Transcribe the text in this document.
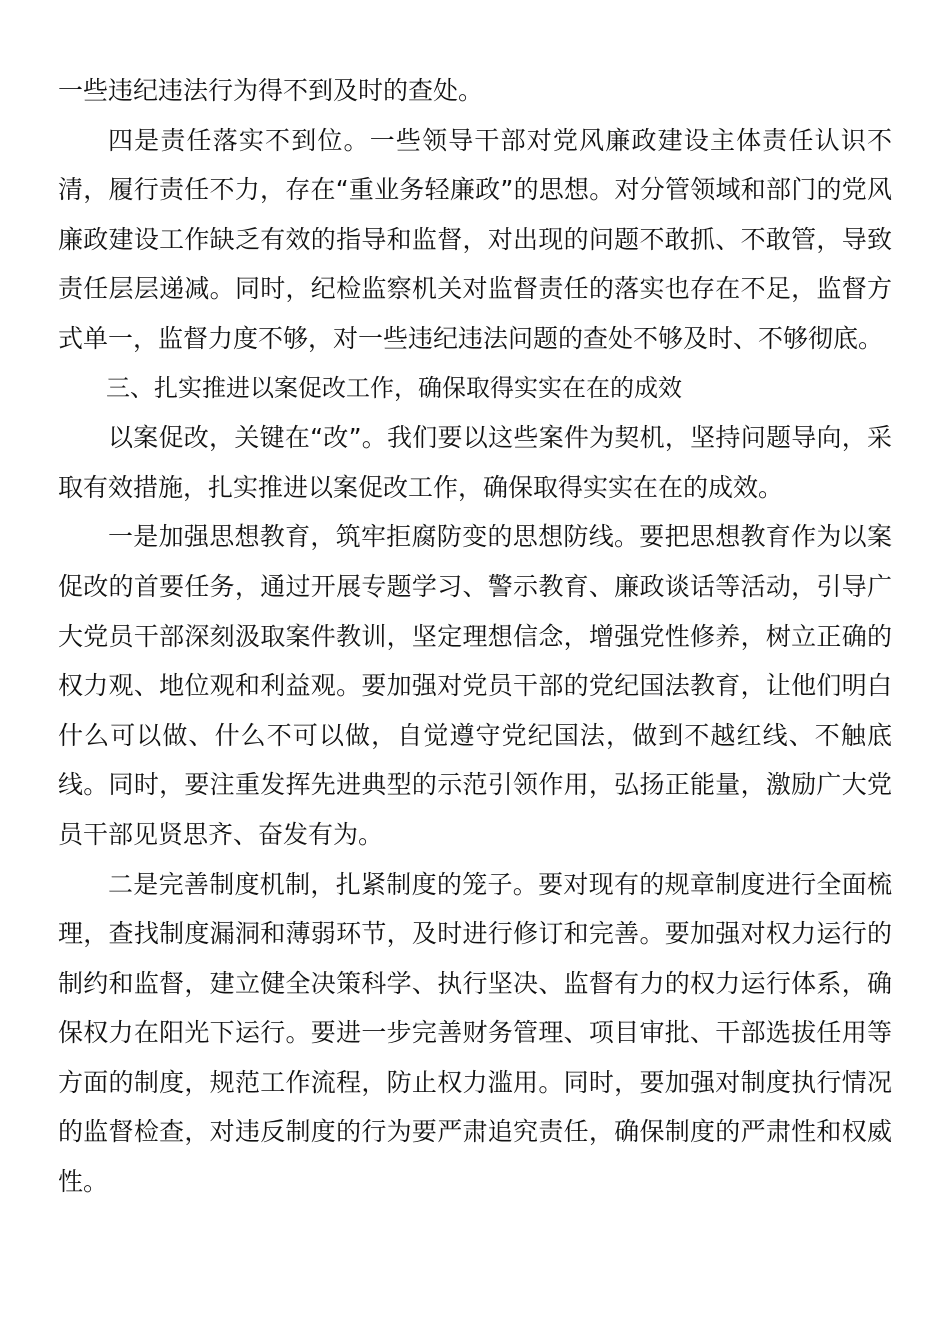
一些违纪违法行为得不到及时的查处。

四是责任落实不到位。一些领导干部对党风廉政建设主体责任认识不清，履行责任不力，存在“重业务轻廉政”的思想。对分管领域和部门的党风廉政建设工作缺乏有效的指导和监督，对出现的问题不敢抓、不敢管，导致责任层层递减。同时，纪检监察机关对监督责任的落实也存在不足，监督方式单一，监督力度不够，对一些违纪违法问题的查处不够及时、不够彻底。

三、扎实推进以案促改工作，确保取得实实在在的成效

以案促改，关键在“改”。我们要以这些案件为契机，坚持问题导向，采取有效措施，扎实推进以案促改工作，确保取得实实在在的成效。

一是加强思想教育，筑牢拒腐防变的思想防线。要把思想教育作为以案促改的首要任务，通过开展专题学习、警示教育、廉政谈话等活动，引导广大党员干部深刻汲取案件教训，坚定理想信念，增强党性修养，树立正确的权力观、地位观和利益观。要加强对党员干部的党纪国法教育，让他们明白什么可以做、什么不可以做，自觉遵守党纪国法，做到不越红线、不触底线。同时，要注重发挥先进典型的示范引领作用，弘扬正能量，激励广大党员干部见贤思齐、奋发有为。

二是完善制度机制，扎紧制度的笼子。要对现有的规章制度进行全面梳理，查找制度漏洞和薄弱环节，及时进行修订和完善。要加强对权力运行的制约和监督，建立健全决策科学、执行坚决、监督有力的权力运行体系，确保权力在阳光下运行。要进一步完善财务管理、项目审批、干部选拔任用等方面的制度，规范工作流程，防止权力滥用。同时，要加强对制度执行情况的监督检查，对违反制度的行为要严肃追究责任，确保制度的严肃性和权威性。
